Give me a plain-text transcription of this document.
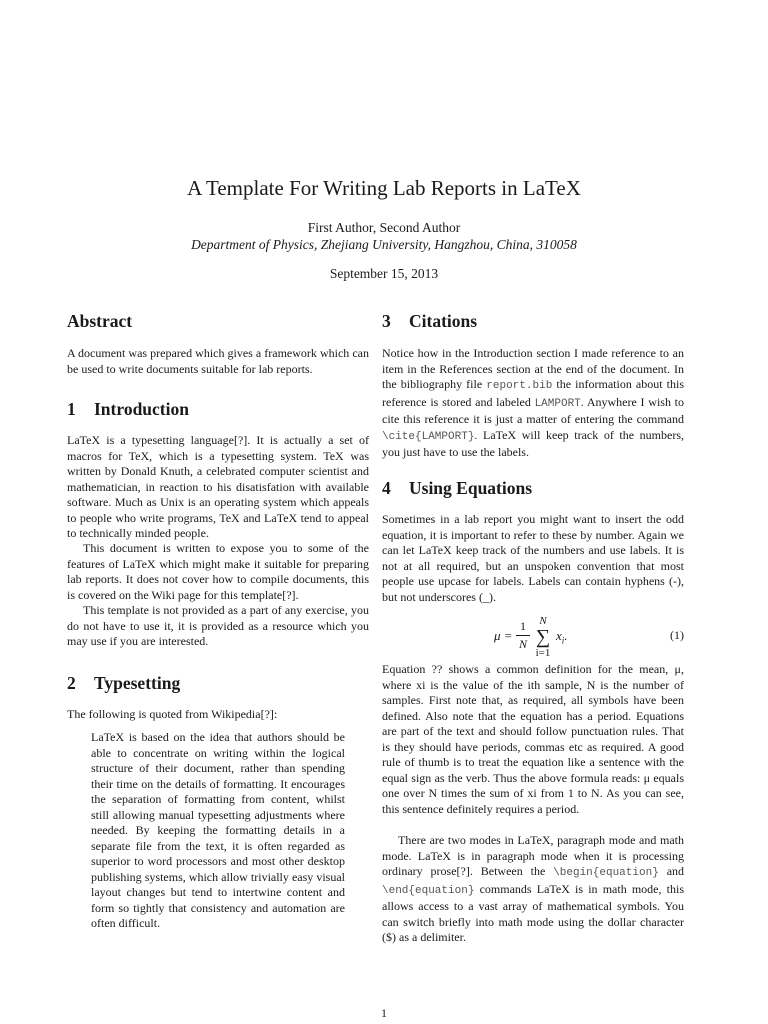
A Template For Writing Lab Reports in LaTeX
First Author, Second Author
Department of Physics, Zhejiang University, Hangzhou, China, 310058
September 15, 2013
Abstract

A document was prepared which gives a framework which can be used to write documents suitable for lab reports.

1 Introduction

LaTeX is a typesetting language[?]. It is actually a set of macros for TeX, which is a typesetting system. TeX was written by Donald Knuth, a celebrated computer scientist and mathematician, in reaction to his disatisfation with available software. Much as Unix is an operating system which appeals to people who write programs, TeX and LaTeX tend to appeal to technically minded people.

This document is written to expose you to some of the features of LaTeX which might make it suitable for preparing lab reports. It does not cover how to compile documents, this is covered on the Wiki page for this template[?].

This template is not provided as a part of any exercise, you do not have to use it, it is provided as a resource which you may use if you are interested.

2 Typesetting

The following is quoted from Wikipedia[?]:

LaTeX is based on the idea that authors should be able to concentrate on writing within the logical structure of their document, rather than spending their time on the details of formatting. It encourages the separation of formatting from content, whilst still allowing manual typesetting adjustments where needed. By keeping the formatting details in a separate file from the text, it is often regarded as superior to word processors and most other desktop publishing systems, which allow trivially easy visual layout changes but tend to intertwine content and form so tightly that consistency and automation are often difficult.

3 Citations

Notice how in the Introduction section I made reference to an item in the References section at the end of the document. In the bibliography file report.bib the information about this reference is stored and labeled LAMPORT. Anywhere I wish to cite this reference it is just a matter of entering the command \cite{LAMPORT}. LaTeX will keep track of the numbers, you just have to use the labels.

4 Using Equations

Sometimes in a lab report you might want to insert the odd equation, it is important to refer to these by number. Again we can let LaTeX keep track of the numbers and use labels. It is not at all required, but an unspoken convention that most people use upcase for labels. Labels can contain hyphens (-), but not underscores (_).

μ =
1
N
N
∑
i=1
$x_i$.	(1)

Equation ?? shows a common definition for the mean, μ, where xi is the value of the ith sample, N is the number of samples. First note that, as required, all symbols have been defined. Also note that the equation has a period. Equations are part of the text and should follow punctuation rules. That is they should have periods, commas etc as required. A good rule of thumb is to treat the equation like a sentence with the equal sign as the verb. Thus the above formula reads: μ equals one over N times the sum of xi from 1 to N. As you can see, this sentence definitely requires a period.

There are two modes in LaTeX, paragraph mode and math mode. LaTeX is in paragraph mode when it is processing ordinary prose[?]. Between the \begin{equation} and \end{equation} commands LaTeX is in math mode, this allows access to a vast array of mathematical symbols. You can switch briefly into math mode using the dollar character ($) as a delimiter.

1
